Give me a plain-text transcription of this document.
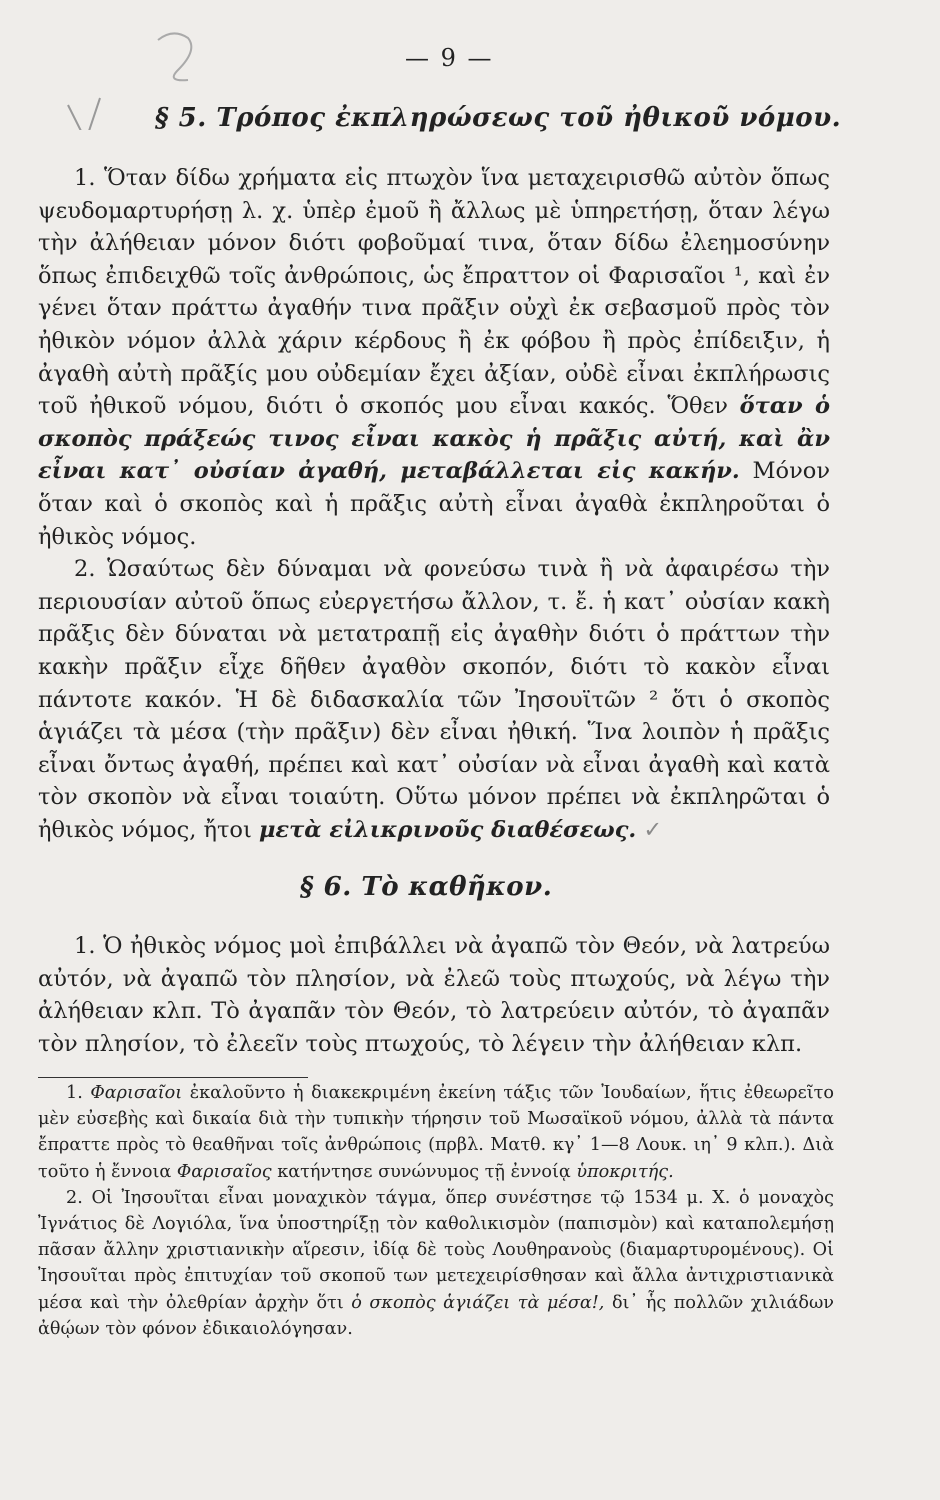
— 9 —
§ 5. Τρόπος ἐκπληρώσεως τοῦ ἠθικοῦ νόμου.

1. Ὅταν δίδω χρήματα εἰς πτωχὸν ἵνα μεταχειρισθῶ αὐτὸν ὅπως ψευδομαρτυρήσῃ λ. χ. ὑπὲρ ἐμοῦ ἢ ἄλλως μὲ ὑπηρετήσῃ, ὅταν λέγω τὴν ἀλήθειαν μόνον διότι φοβοῦμαί τινα, ὅταν δίδω ἐλεημοσύνην ὅπως ἐπιδειχθῶ τοῖς ἀνθρώποις, ὡς ἔπραττον οἱ Φαρισαῖοι ¹, καὶ ἐν γένει ὅταν πράττω ἀγαθήν τινα πρᾶξιν οὐχὶ ἐκ σεβασμοῦ πρὸς τὸν ἠθικὸν νόμον ἀλλὰ χάριν κέρδους ἢ ἐκ φόβου ἢ πρὸς ἐπίδειξιν, ἡ ἀγαθὴ αὐτὴ πρᾶξίς μου οὐδεμίαν ἔχει ἀξίαν, οὐδὲ εἶναι ἐκπλήρωσις τοῦ ἠθικοῦ νόμου, διότι ὁ σκοπός μου εἶναι κακός. Ὅθεν ὅταν ὁ σκοπὸς πράξεώς τινος εἶναι κακὸς ἡ πρᾶξις αὐτή, καὶ ἂν εἶναι κατ᾽ οὐσίαν ἀγαθή, μεταβάλλεται εἰς κακήν. Μόνον ὅταν καὶ ὁ σκοπὸς καὶ ἡ πρᾶξις αὐτὴ εἶναι ἀγαθὰ ἐκπληροῦται ὁ ἠθικὸς νόμος.

2. Ὡσαύτως δὲν δύναμαι νὰ φονεύσω τινὰ ἢ νὰ ἀφαιρέσω τὴν περιουσίαν αὐτοῦ ὅπως εὐεργετήσω ἄλλον, τ. ἔ. ἡ κατ᾽ οὐσίαν κακὴ πρᾶξις δὲν δύναται νὰ μετατραπῇ εἰς ἀγαθὴν διότι ὁ πράττων τὴν κακὴν πρᾶξιν εἶχε δῆθεν ἀγαθὸν σκοπόν, διότι τὸ κακὸν εἶναι πάντοτε κακόν. Ἡ δὲ διδασκαλία τῶν Ἰησουϊτῶν ² ὅτι ὁ σκοπὸς ἁγιάζει τὰ μέσα (τὴν πρᾶξιν) δὲν εἶναι ἠθική. Ἵνα λοιπὸν ἡ πρᾶξις εἶναι ὄντως ἀγαθή, πρέπει καὶ κατ᾽ οὐσίαν νὰ εἶναι ἀγαθὴ καὶ κατὰ τὸν σκοπὸν νὰ εἶναι τοιαύτη. Οὕτω μόνον πρέπει νὰ ἐκπληρῶται ὁ ἠθικὸς νόμος, ἤτοι μετὰ εἰλικρινοῦς διαθέσεως. ✓

§ 6. Τὸ καθῆκον.

1. Ὁ ἠθικὸς νόμος μοὶ ἐπιβάλλει νὰ ἀγαπῶ τὸν Θεόν, νὰ λατρεύω αὐτόν, νὰ ἀγαπῶ τὸν πλησίον, νὰ ἐλεῶ τοὺς πτωχούς, νὰ λέγω τὴν ἀλήθειαν κλπ. Τὸ ἀγαπᾶν τὸν Θεόν, τὸ λατρεύειν αὐτόν, τὸ ἀγαπᾶν τὸν πλησίον, τὸ ἐλεεῖν τοὺς πτωχούς, τὸ λέγειν τὴν ἀλήθειαν κλπ.

1. Φαρισαῖοι ἐκαλοῦντο ἡ διακεκριμένη ἐκείνη τάξις τῶν Ἰουδαίων, ἥτις ἐθεωρεῖτο μὲν εὐσεβὴς καὶ δικαία διὰ τὴν τυπικὴν τήρησιν τοῦ Μωσαϊκοῦ νόμου, ἀλλὰ τὰ πάντα ἔπραττε πρὸς τὸ θεαθῆναι τοῖς ἀνθρώποις (πρβλ. Ματθ. κγ᾽ 1—8 Λουκ. ιη᾽ 9 κλπ.). Διὰ τοῦτο ἡ ἔννοια Φαρισαῖος κατήντησε συνώνυμος τῇ ἐννοίᾳ ὑποκριτής.

2. Οἱ Ἰησουῖται εἶναι μοναχικὸν τάγμα, ὅπερ συνέστησε τῷ 1534 μ. Χ. ὁ μοναχὸς Ἰγνάτιος δὲ Λογιόλα, ἵνα ὑποστηρίξῃ τὸν καθολικισμὸν (παπισμὸν) καὶ καταπολεμήσῃ πᾶσαν ἄλλην χριστιανικὴν αἵρεσιν, ἰδίᾳ δὲ τοὺς Λουθηρανοὺς (διαμαρτυρομένους). Οἱ Ἰησουῖται πρὸς ἐπιτυχίαν τοῦ σκοποῦ των μετεχειρίσθησαν καὶ ἄλλα ἀντιχριστιανικὰ μέσα καὶ τὴν ὀλεθρίαν ἀρχὴν ὅτι ὁ σκοπὸς ἁγιάζει τὰ μέσα!, δι᾽ ἧς πολλῶν χιλιάδων ἀθῴων τὸν φόνον ἐδικαιολόγησαν.
